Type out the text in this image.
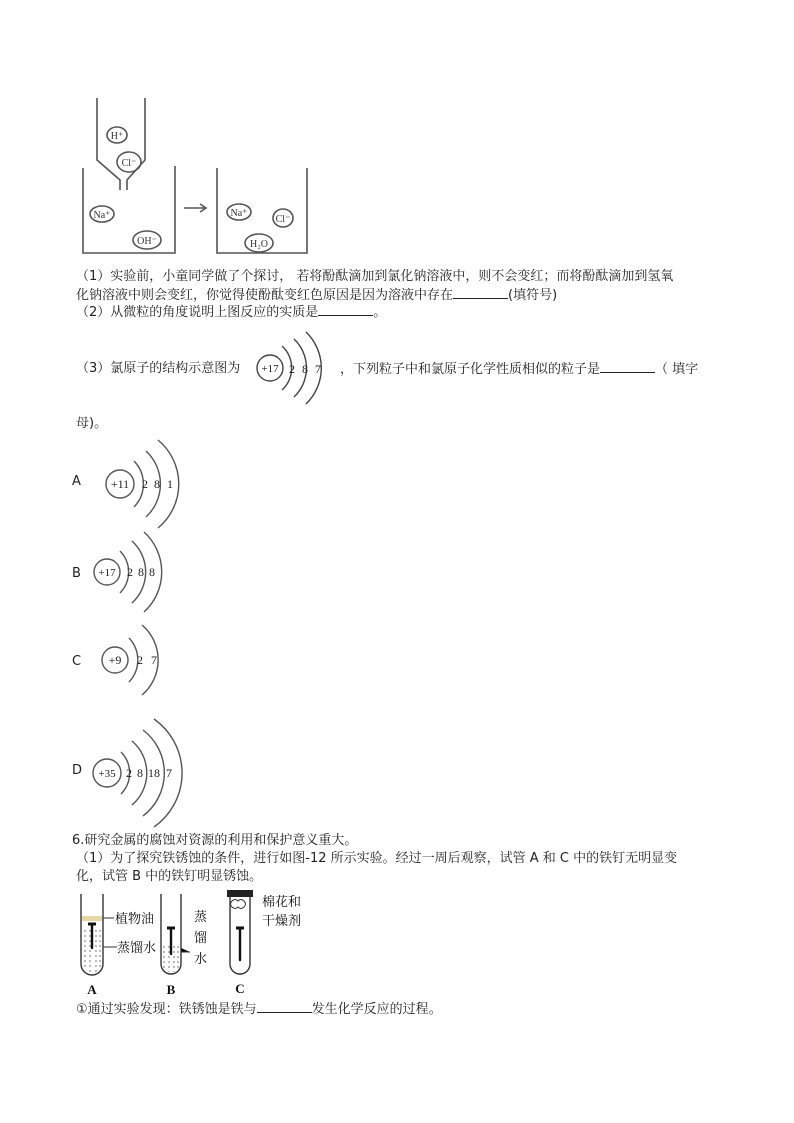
H⁺
Cl⁻
Na⁺
OH⁻
Na⁺
Cl⁻
H₂O
（1）实验前，小童同学做了个探讨， 若将酚酞滴加到氯化钠溶液中，则不会变红；而将酚酞滴加到氢氧
化钠溶液中则会变红，你觉得使酚酞变红色原因是因为溶液中存在	(填符号)
（2）从微粒的角度说明上图反应的实质是	。
（3）氯原子的结构示意图为 +17 2 8 7 ，下列粒子中和氯原子化学性质相似的粒子是	（ 填字
母)。
A +11 2 8 1
B +17 2 8 8
C +9 2 7
D +35 2 8 18 7
6.研究金属的腐蚀对资源的利用和保护意义重大。
（1）为了探究铁锈蚀的条件，进行如图-12 所示实验。经过一周后观察，试管 A 和 C 中的铁钉无明显变
化，试管 B 中的铁钉明显锈蚀。
A	B	C
植物油
蒸馏水
蒸
馏
水
棉花和
干燥剂
①通过实验发现：铁锈蚀是铁与	发生化学反应的过程。
